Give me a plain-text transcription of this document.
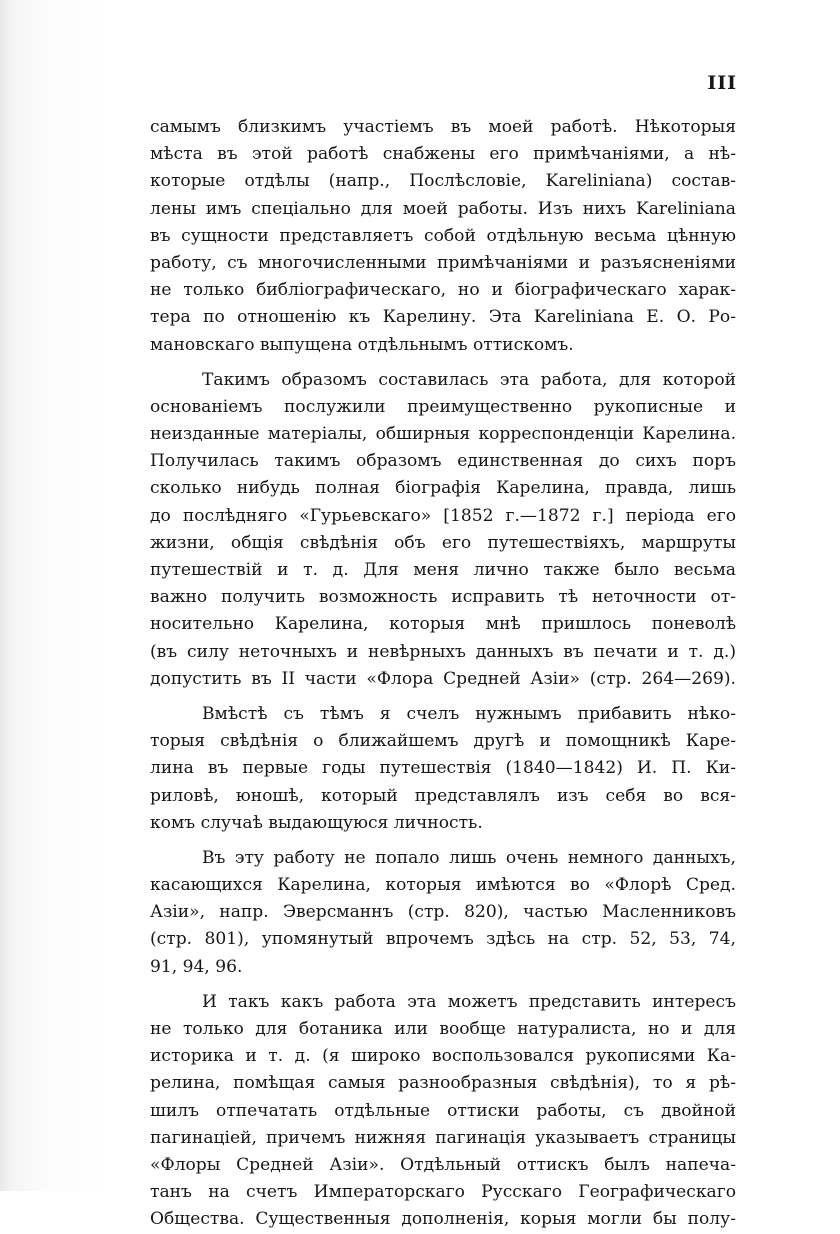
III
самымъ близкимъ участіемъ въ моей работѣ. Нѣкоторыя
мѣста въ этой работѣ снабжены его примѣчаніями, а нѣ-
которые отдѣлы (напр., Послѣсловіе, Kareliniana) состав-
лены имъ спеціально для моей работы. Изъ нихъ Kareliniana
въ сущности представляетъ собой отдѣльную весьма цѣнную
работу, съ многочисленными примѣчаніями и разъясненіями
не только библіографическаго, но и біографическаго харак-
тера по отношенію къ Карелину. Эта Kareliniana Е. О. Ро-
мановскаго выпущена отдѣльнымъ оттискомъ.
Такимъ образомъ составилась эта работа, для которой
основаніемъ послужили преимущественно рукописные и
неизданные матеріалы, обширныя корреспонденціи Карелина.
Получилась такимъ образомъ единственная до сихъ поръ
сколько нибудь полная біографія Карелина, правда, лишь
до послѣдняго «Гурьевскаго» [1852 г.—1872 г.] періода его
жизни, общія свѣдѣнія объ его путешествіяхъ, маршруты
путешествій и т. д. Для меня лично также было весьма
важно получить возможность исправить тѣ неточности от-
носительно Карелина, которыя мнѣ пришлось поневолѣ
(въ силу неточныхъ и невѣрныхъ данныхъ въ печати и т. д.)
допустить въ II части «Флора Средней Азіи» (стр. 264—269).
Вмѣстѣ съ тѣмъ я счелъ нужнымъ прибавить нѣко-
торыя свѣдѣнія о ближайшемъ другѣ и помощникѣ Каре-
лина въ первые годы путешествія (1840—1842) И. П. Ки-
риловѣ, юношѣ, который представлялъ изъ себя во вся-
комъ случаѣ выдающуюся личность.
Въ эту работу не попало лишь очень немного данныхъ,
касающихся Карелина, которыя имѣются во «Флорѣ Сред.
Азіи», напр. Эверсманнъ (стр. 820), частью Масленниковъ
(стр. 801), упомянутый впрочемъ здѣсь на стр. 52, 53, 74,
91, 94, 96.
И такъ какъ работа эта можетъ представить интересъ
не только для ботаника или вообще натуралиста, но и для
историка и т. д. (я широко воспользовался рукописями Ка-
релина, помѣщая самыя разнообразныя свѣдѣнія), то я рѣ-
шилъ отпечатать отдѣльные оттиски работы, съ двойной
пагинаціей, причемъ нижняя пагинація указываетъ страницы
«Флоры Средней Азіи». Отдѣльный оттискъ былъ напеча-
танъ на счетъ Императорскаго Русскаго Географическаго
Общества. Существенныя дополненія, корыя могли бы полу-
